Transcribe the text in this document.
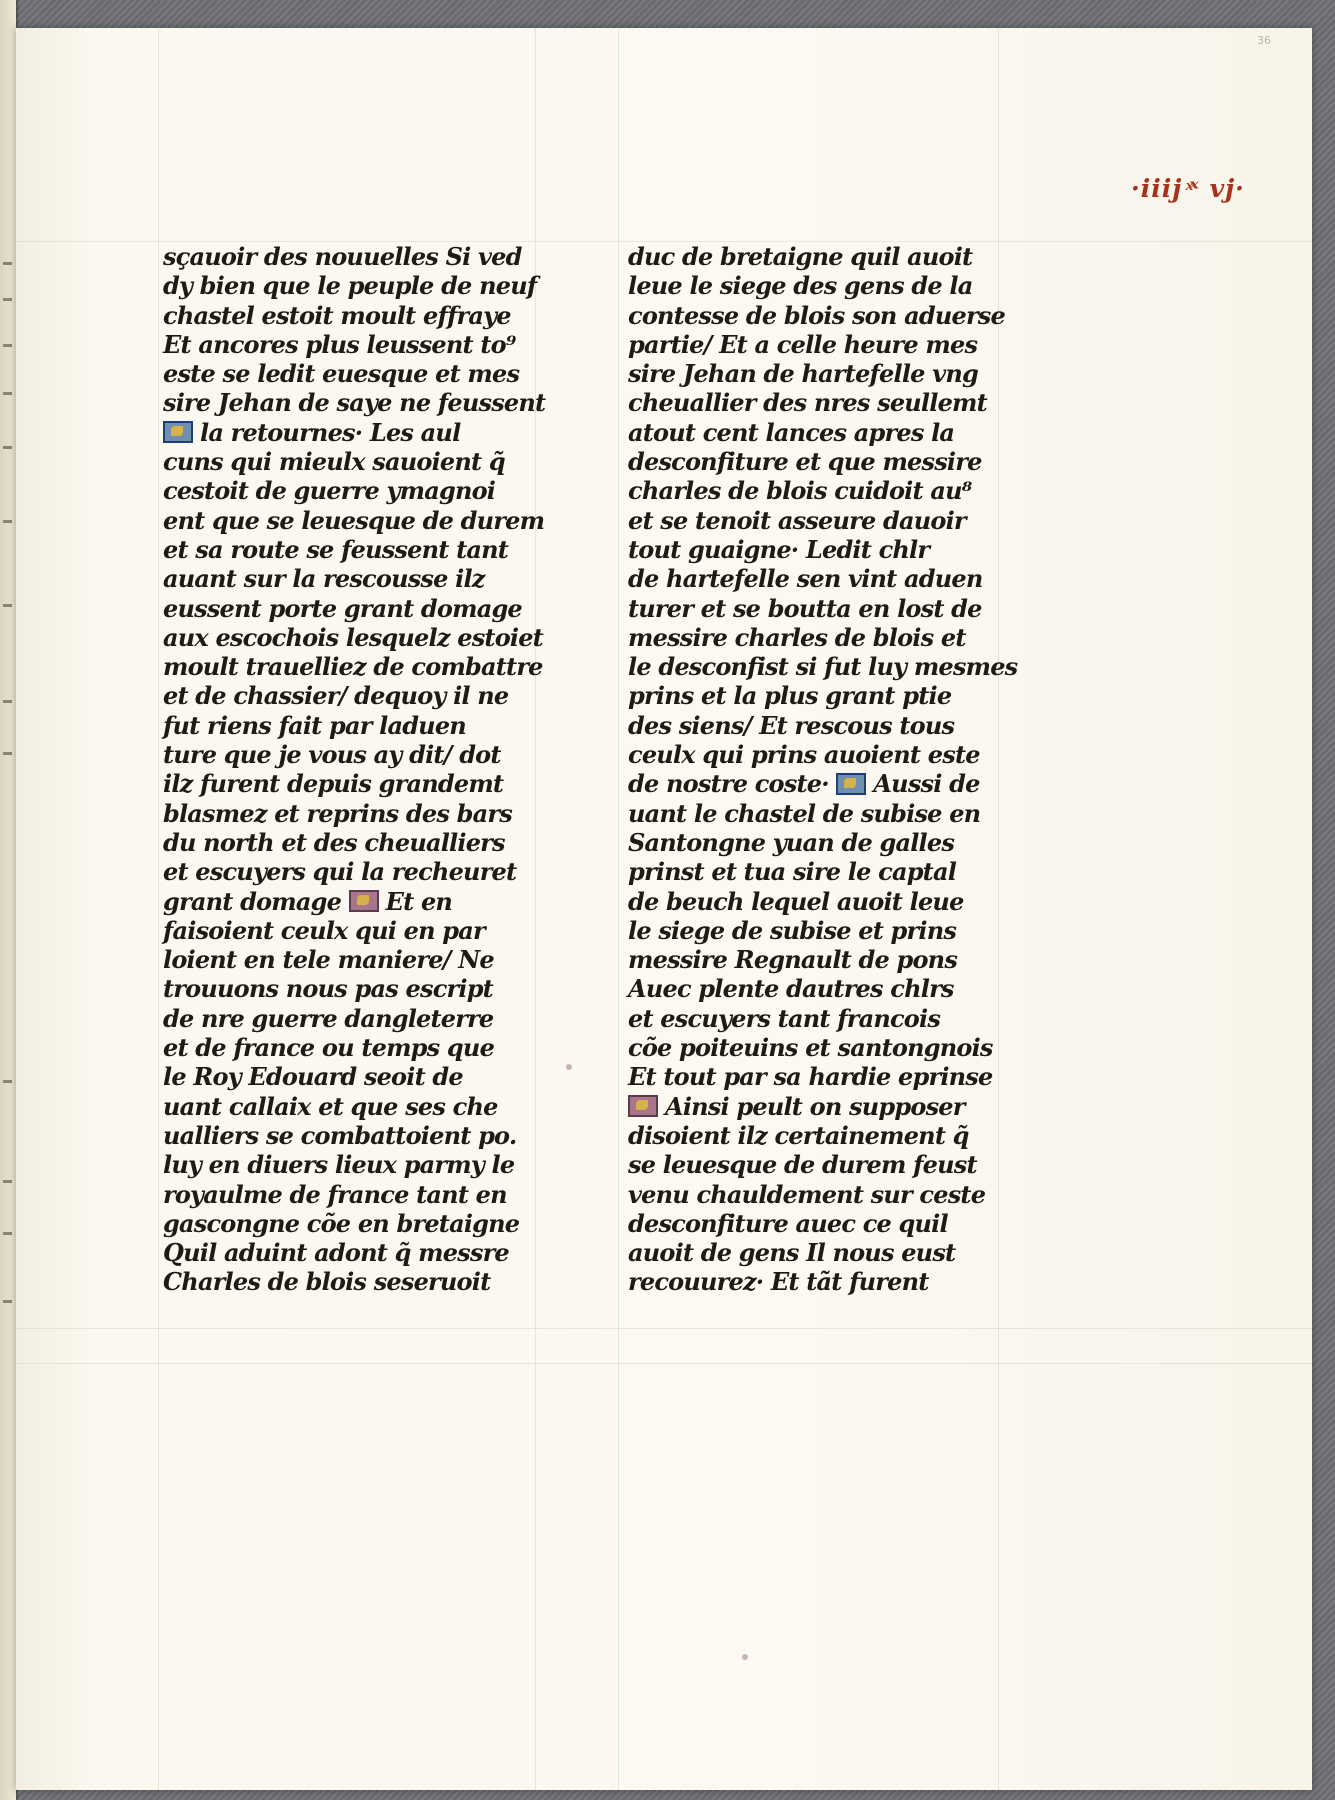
36
·iiij ͯˣ vj·
sçauoir des nouuelles Si ved
dy bien que le peuple de neuf
chastel estoit moult effraye
Et ancores plus leussent to⁹
este se ledit euesque et mes
sire Jehan de saye ne feussent
la retournes· Les aul
cuns qui mieulx sauoient q̃
cestoit de guerre ymagnoi
ent que se leuesque de durem
et sa route se feussent tant
auant sur la rescousse ilz
eussent porte grant domage
aux escochois lesquelz estoiet
moult trauelliez de combattre
et de chassier/ dequoy il ne
fut riens fait par laduen
ture que je vous ay dit/ dot
ilz furent depuis grandemt
blasmez et reprins des bars
du north et des cheualliers
et escuyers qui la recheuret
grant domage Et en
faisoient ceulx qui en par
loient en tele maniere/ Ne
trouuons nous pas escript
de nre guerre dangleterre
et de france ou temps que
le Roy Edouard seoit de
uant callaix et que ses che
ualliers se combattoient po.
luy en diuers lieux parmy le
royaulme de france tant en
gascongne cõe en bretaigne
Quil aduint adont q̃ messre
Charles de blois seseruoit
duc de bretaigne quil auoit
leue le siege des gens de la
contesse de blois son aduerse
partie/ Et a celle heure mes
sire Jehan de hartefelle vng
cheuallier des nres seullemt
atout cent lances apres la
desconfiture et que messire
charles de blois cuidoit au⁸
et se tenoit asseure dauoir
tout guaigne· Ledit chlr
de hartefelle sen vint aduen
turer et se boutta en lost de
messire charles de blois et
le desconfist si fut luy mesmes
prins et la plus grant ptie
des siens/ Et rescous tous
ceulx qui prins auoient este
de nostre coste· Aussi de
uant le chastel de subise en
Santongne yuan de galles
prinst et tua sire le captal
de beuch lequel auoit leue
le siege de subise et prins
messire Regnault de pons
Auec plente dautres chlrs
et escuyers tant francois
cõe poiteuins et santongnois
Et tout par sa hardie eprinse
Ainsi peult on supposer
disoient ilz certainement q̃
se leuesque de durem feust
venu chauldement sur ceste
desconfiture auec ce quil
auoit de gens Il nous eust
recouurez· Et tãt furent
